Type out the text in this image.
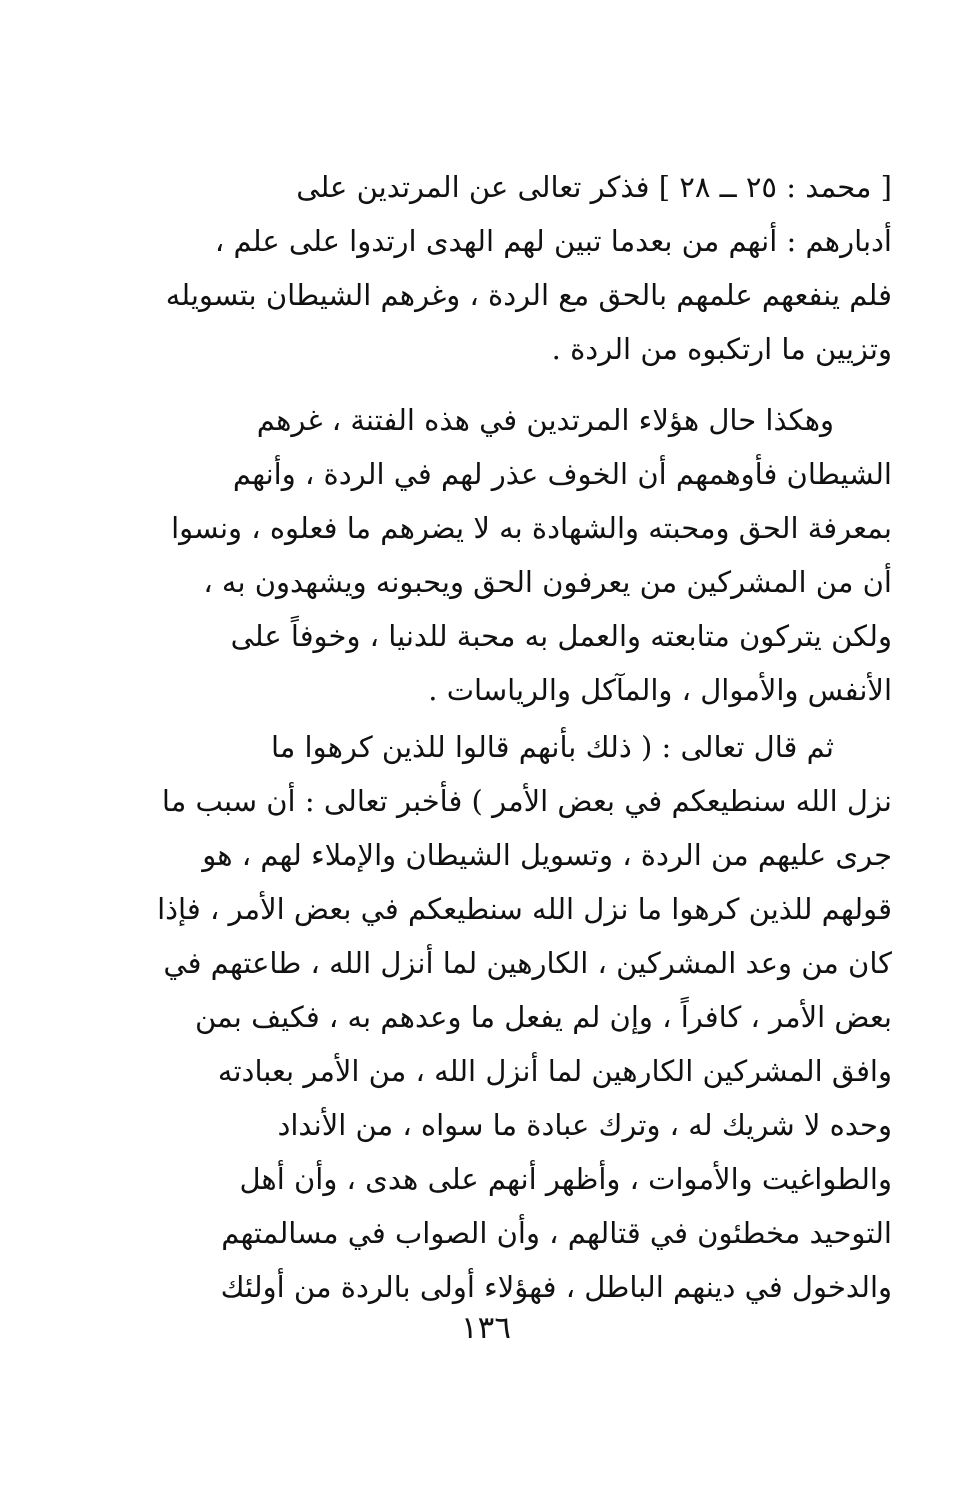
[ محمد : ٢٥ ــ ٢٨ ] فذكر تعالى عن المرتدين على
أدبارهم : أنهم من بعدما تبين لهم الهدى ارتدوا على علم ،
فلم ينفعهم علمهم بالحق مع الردة ، وغرهم الشيطان بتسويله
وتزيين ما ارتكبوه من الردة .

وهكذا حال هؤلاء المرتدين في هذه الفتنة ، غرهم
الشيطان فأوهمهم أن الخوف عذر لهم في الردة ، وأنهم
بمعرفة الحق ومحبته والشهادة به لا يضرهم ما فعلوه ، ونسوا
أن من المشركين من يعرفون الحق ويحبونه ويشهدون به ،
ولكن يتركون متابعته والعمل به محبة للدنيا ، وخوفاً على
الأنفس والأموال ، والمآكل والرياسات .

ثم قال تعالى : ( ذلك بأنهم قالوا للذين كرهوا ما
نزل الله سنطيعكم في بعض الأمر ) فأخبر تعالى : أن سبب ما
جرى عليهم من الردة ، وتسويل الشيطان والإملاء لهم ، هو
قولهم للذين كرهوا ما نزل الله سنطيعكم في بعض الأمر ، فإذا
كان من وعد المشركين ، الكارهين لما أنزل الله ، طاعتهم في
بعض الأمر ، كافراً ، وإن لم يفعل ما وعدهم به ، فكيف بمن
وافق المشركين الكارهين لما أنزل الله ، من الأمر بعبادته
وحده لا شريك له ، وترك عبادة ما سواه ، من الأنداد
والطواغيت والأموات ، وأظهر أنهم على هدى ، وأن أهل
التوحيد مخطئون في قتالهم ، وأن الصواب في مسالمتهم
والدخول في دينهم الباطل ، فهؤلاء أولى بالردة من أولئك

١٣٦
